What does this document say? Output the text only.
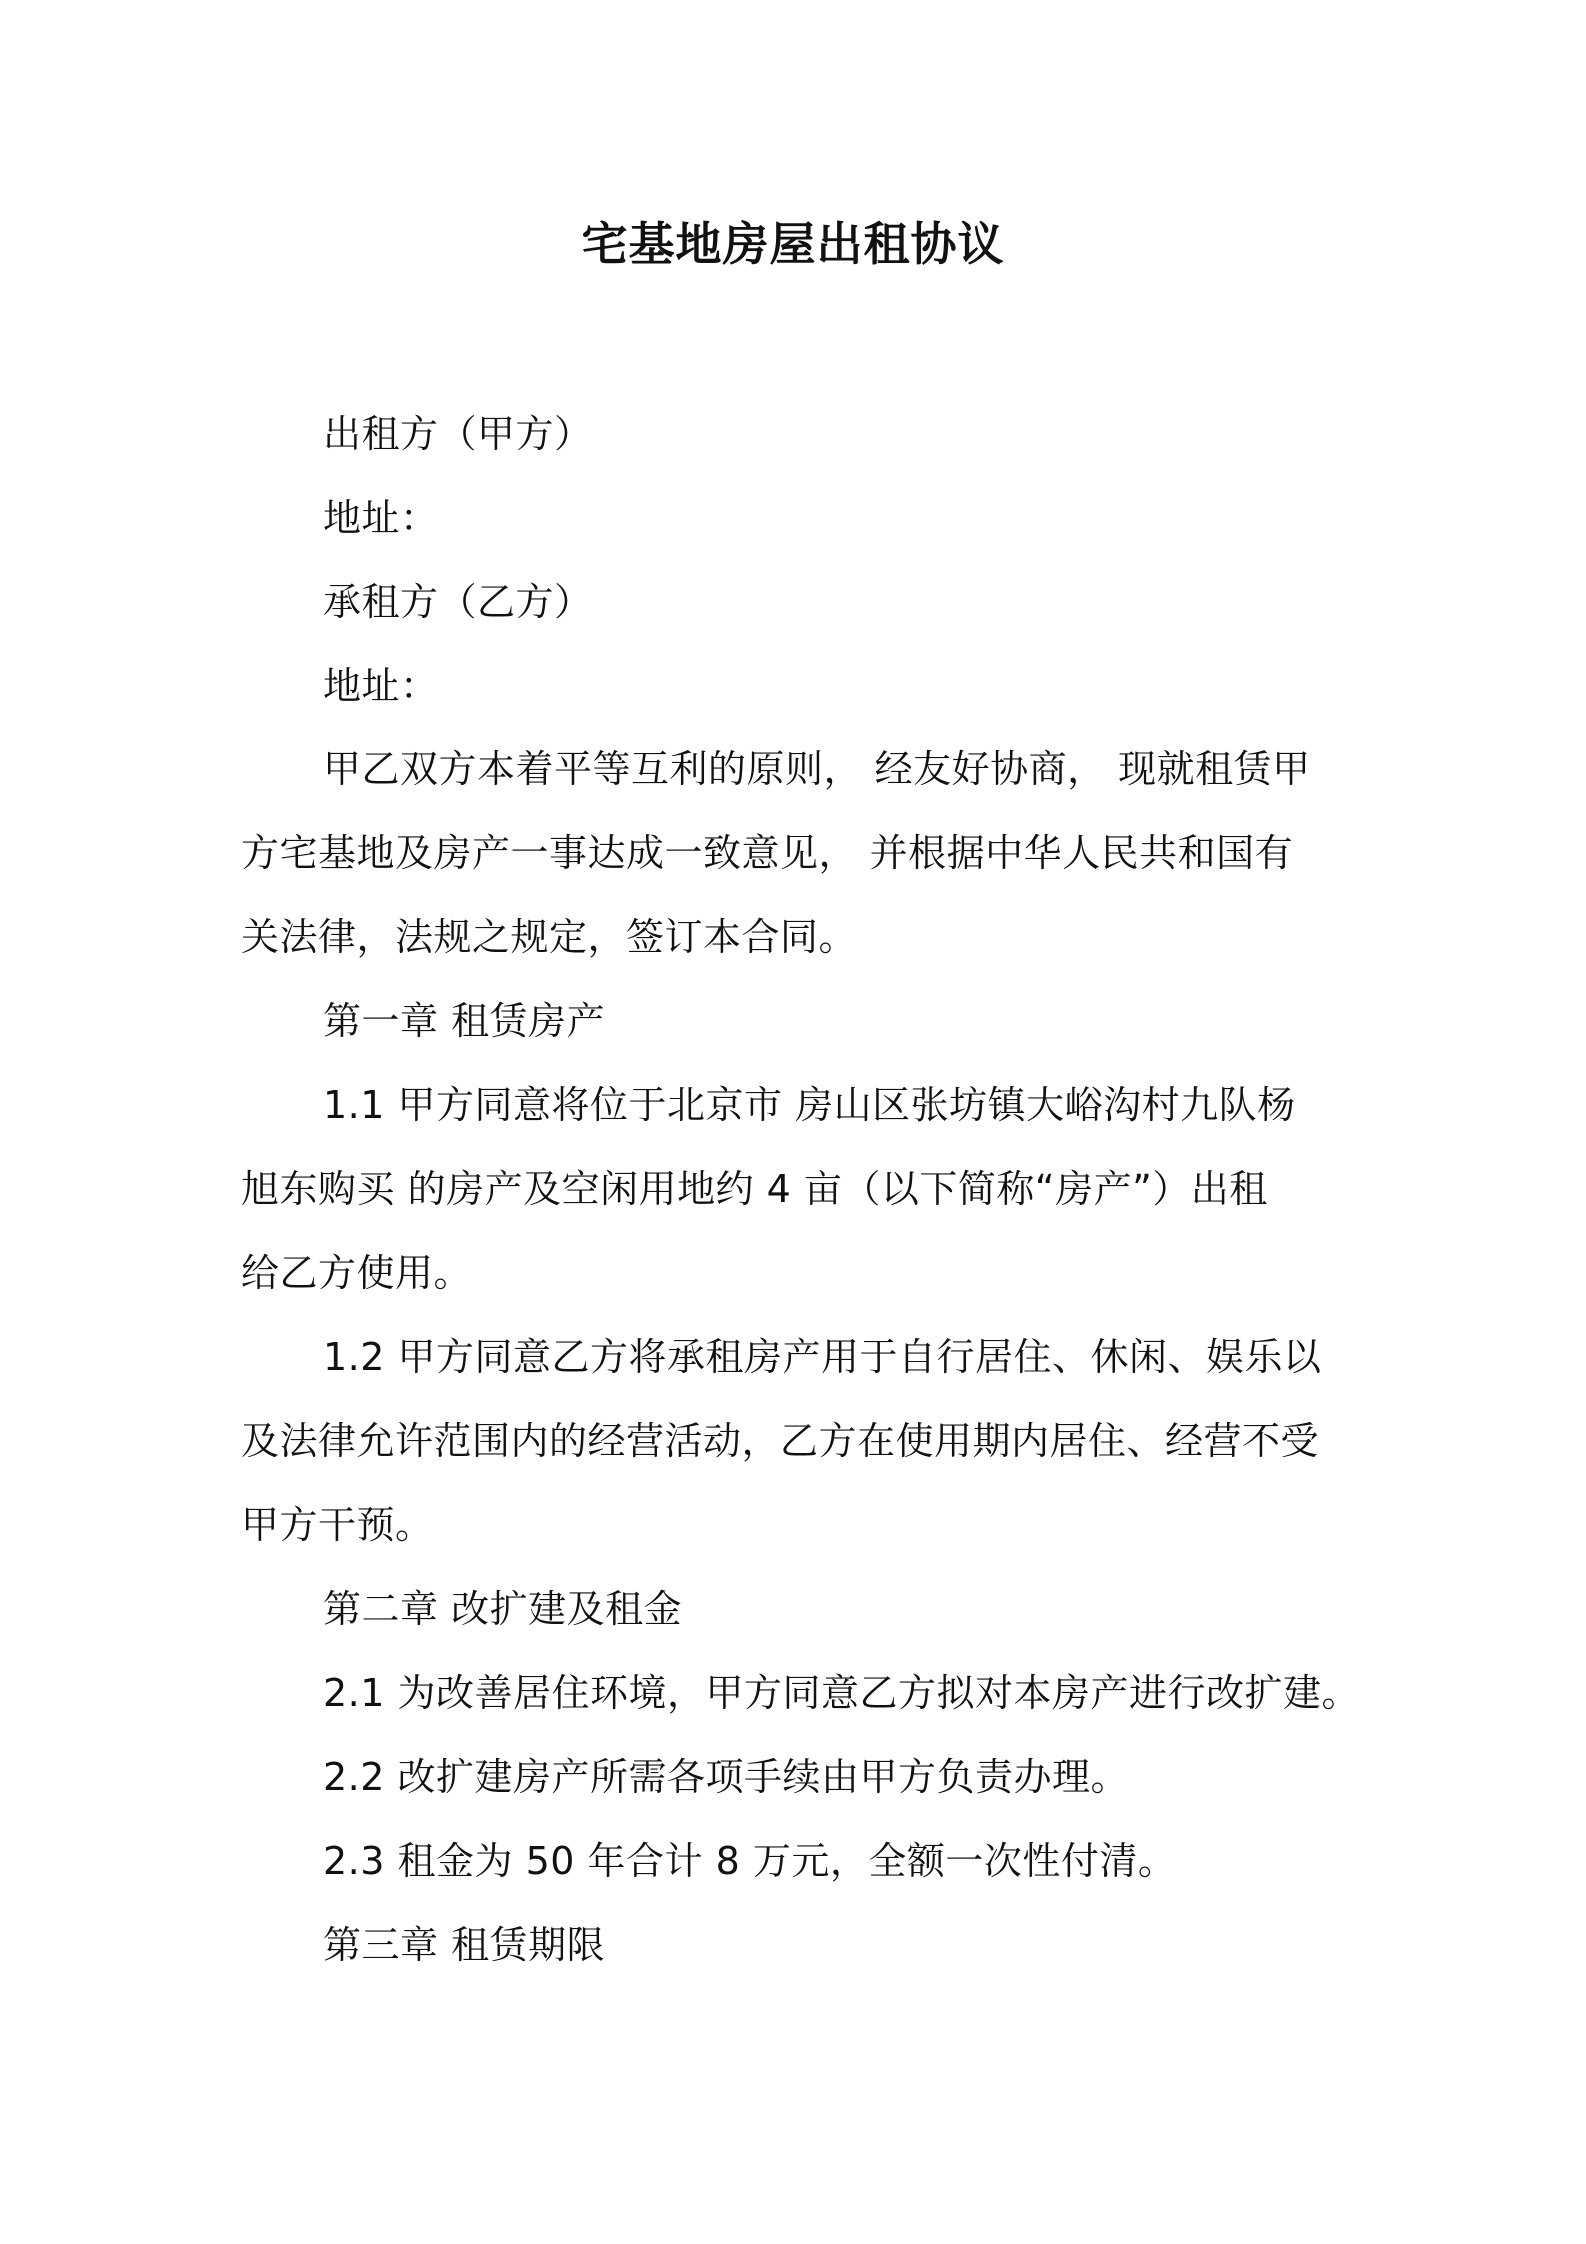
宅基地房屋出租协议
出租方（甲方）
地址：
承租方（乙方）
地址：
甲乙双方本着平等互利的原则， 经友好协商， 现就租赁甲
方宅基地及房产一事达成一致意见， 并根据中华人民共和国有
关法律，法规之规定，签订本合同。
第一章 租赁房产
1.1 甲方同意将位于北京市 房山区张坊镇大峪沟村九队杨
旭东购买 的房产及空闲用地约 4 亩（以下简称“房产”）出租
给乙方使用。
1.2 甲方同意乙方将承租房产用于自行居住、休闲、娱乐以
及法律允许范围内的经营活动，乙方在使用期内居住、经营不受
甲方干预。
第二章 改扩建及租金
2.1 为改善居住环境，甲方同意乙方拟对本房产进行改扩建。
2.2 改扩建房产所需各项手续由甲方负责办理。
2.3 租金为 50 年合计 8 万元，全额一次性付清。
第三章 租赁期限
